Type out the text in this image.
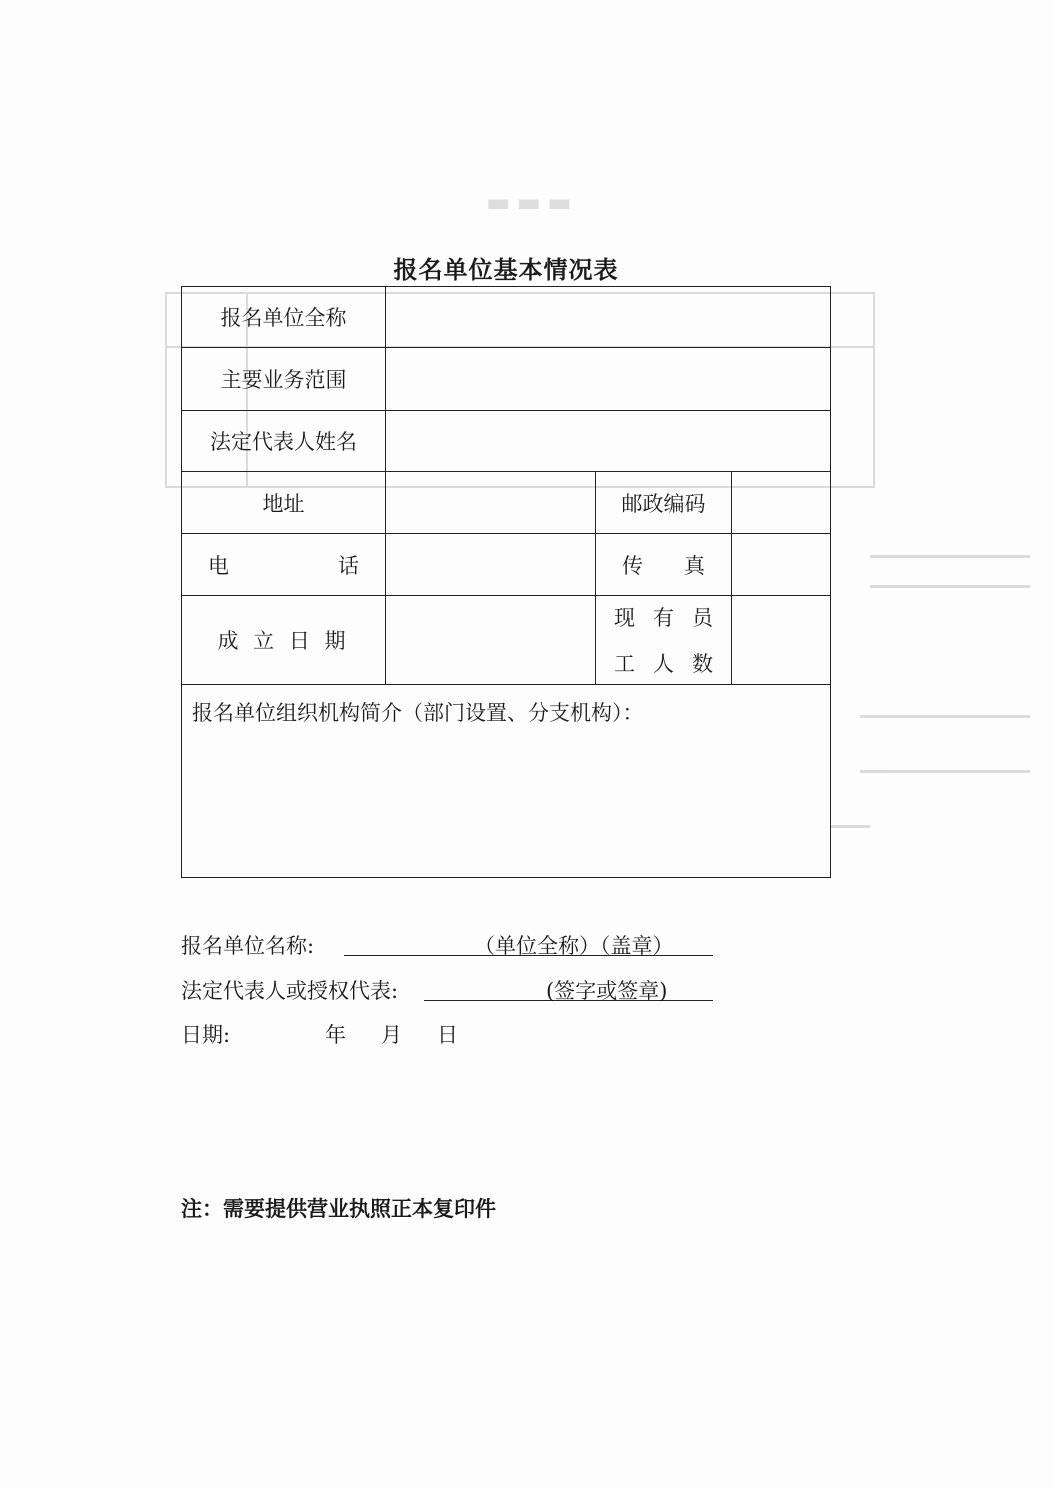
▬▬▬
报名单位基本情况表
报名单位全称			

主要业务范围			

法定代表人姓名			

地址		邮政编码	

电 话		传 真	

成 立 日 期		现有员
工人数	

报名单位组织机构简介（部门设置、分支机构）：			
报名单位名称:	（单位全称）（盖章）
法定代表人或授权代表:	(签字或签章)
日期:	年 月 日
注：需要提供营业执照正本复印件
